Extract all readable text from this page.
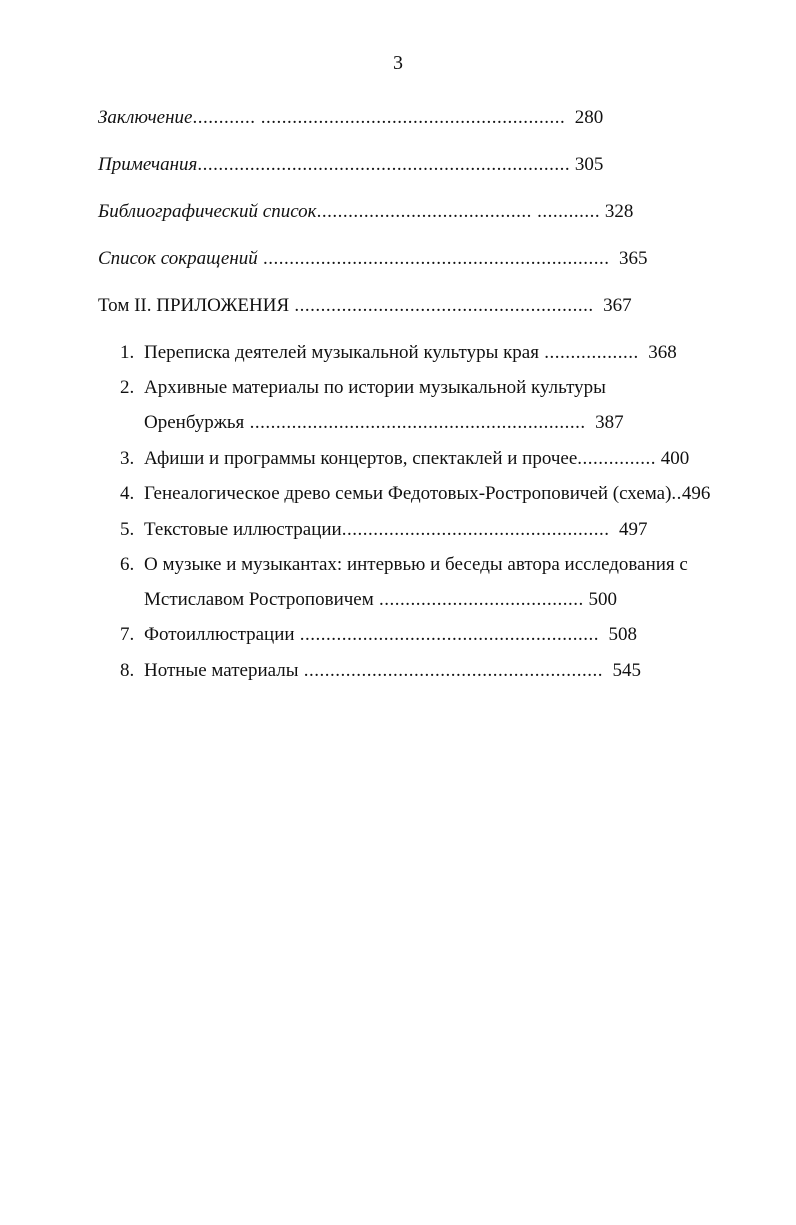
3
Заключение............ .......................................................... 280
Примечания....................................................................... 305
Библиографический список......................................... ............ 328
Список сокращений .................................................................. 365
Том II. ПРИЛОЖЕНИЯ ......................................................... 367
1. Переписка деятелей музыкальной культуры края .................. 368
2. Архивные материалы по истории музыкальной культуры
Оренбуржья ................................................................ 387
3. Афиши и программы концертов, спектаклей и прочее............... 400
4. Генеалогическое древо семьи Федотовых-Ростроповичей (схема)..496
5. Текстовые иллюстрации................................................... 497
6. О музыке и музыкантах: интервью и беседы автора исследования с
Мстиславом Ростроповичем ....................................... 500
7. Фотоиллюстрации ......................................................... 508
8. Нотные материалы ......................................................... 545
